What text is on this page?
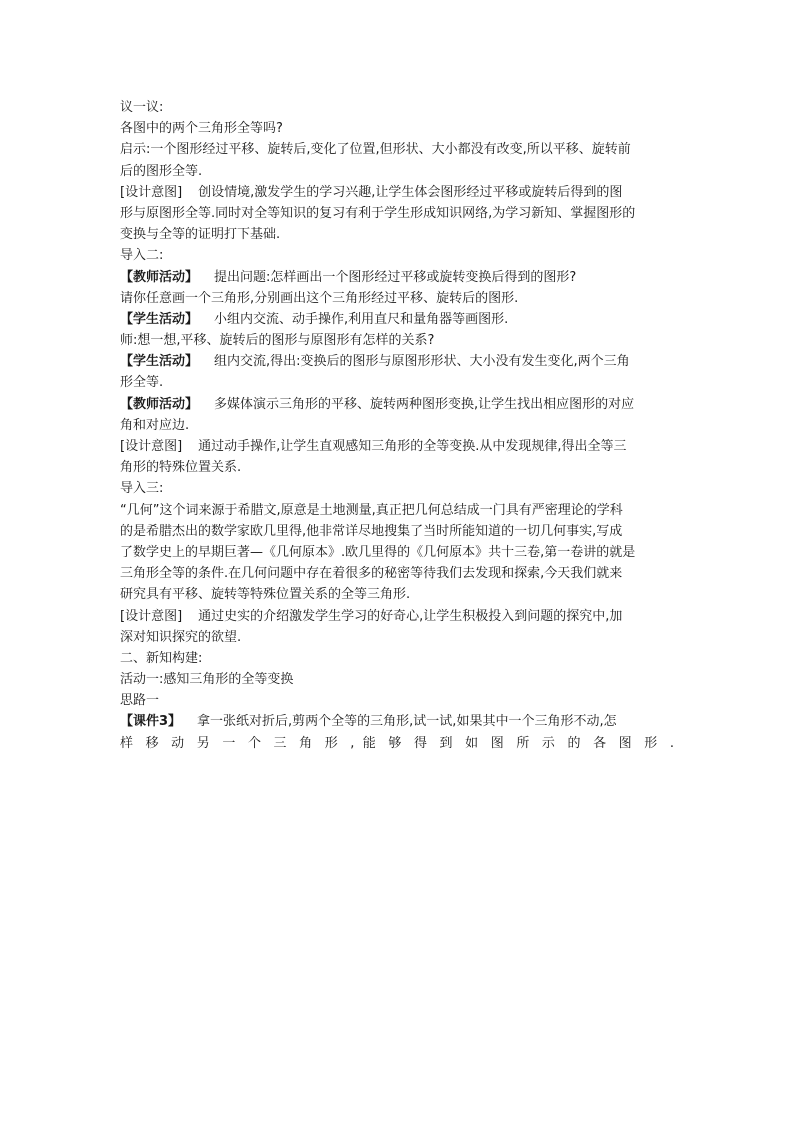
议一议:
各图中的两个三角形全等吗?
启示:一个图形经过平移、旋转后,变化了位置,但形状、大小都没有改变,所以平移、旋转前
后的图形全等.
[设计意图] 创设情境,激发学生的学习兴趣,让学生体会图形经过平移或旋转后得到的图
形与原图形全等.同时对全等知识的复习有利于学生形成知识网络,为学习新知、掌握图形的
变换与全等的证明打下基础.
导入二:
【教师活动】 提出问题:怎样画出一个图形经过平移或旋转变换后得到的图形?
请你任意画一个三角形,分别画出这个三角形经过平移、旋转后的图形.
【学生活动】 小组内交流、动手操作,利用直尺和量角器等画图形.
师:想一想,平移、旋转后的图形与原图形有怎样的关系?
【学生活动】 组内交流,得出:变换后的图形与原图形形状、大小没有发生变化,两个三角
形全等.
【教师活动】 多媒体演示三角形的平移、旋转两种图形变换,让学生找出相应图形的对应
角和对应边.
[设计意图] 通过动手操作,让学生直观感知三角形的全等变换.从中发现规律,得出全等三
角形的特殊位置关系.
导入三:
“几何”这个词来源于希腊文,原意是土地测量,真正把几何总结成一门具有严密理论的学科
的是希腊杰出的数学家欧几里得,他非常详尽地搜集了当时所能知道的一切几何事实,写成
了数学史上的早期巨著—《几何原本》.欧几里得的《几何原本》共十三卷,第一卷讲的就是
三角形全等的条件.在几何问题中存在着很多的秘密等待我们去发现和探索,今天我们就来
研究具有平移、旋转等特殊位置关系的全等三角形.
[设计意图] 通过史实的介绍激发学生学习的好奇心,让学生积极投入到问题的探究中,加
深对知识探究的欲望.
二、新知构建:
活动一:感知三角形的全等变换
思路一
【课件3】 拿一张纸对折后,剪两个全等的三角形,试一试,如果其中一个三角形不动,怎
样 移 动 另 一 个 三 角 形 , 能 够 得 到 如 图 所 示 的 各 图 形 .
